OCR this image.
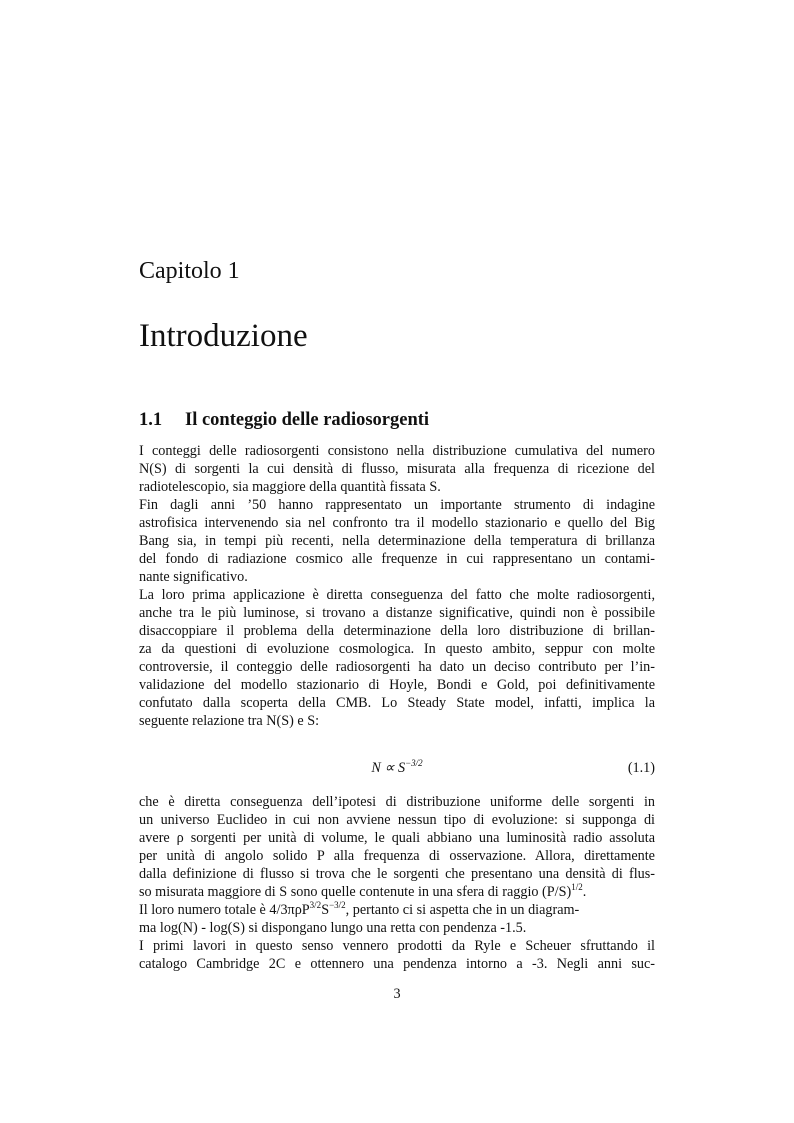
Capitolo 1
Introduzione
1.1 Il conteggio delle radiosorgenti
I conteggi delle radiosorgenti consistono nella distribuzione cumulativa del numero
N(S) di sorgenti la cui densità di flusso, misurata alla frequenza di ricezione del
radiotelescopio, sia maggiore della quantità fissata S.
Fin dagli anni ’50 hanno rappresentato un importante strumento di indagine
astrofisica intervenendo sia nel confronto tra il modello stazionario e quello del Big
Bang sia, in tempi più recenti, nella determinazione della temperatura di brillanza
del fondo di radiazione cosmico alle frequenze in cui rappresentano un contami-
nante significativo.
La loro prima applicazione è diretta conseguenza del fatto che molte radiosorgenti,
anche tra le più luminose, si trovano a distanze significative, quindi non è possibile
disaccoppiare il problema della determinazione della loro distribuzione di brillan-
za da questioni di evoluzione cosmologica. In questo ambito, seppur con molte
controversie, il conteggio delle radiosorgenti ha dato un deciso contributo per l’in-
validazione del modello stazionario di Hoyle, Bondi e Gold, poi definitivamente
confutato dalla scoperta della CMB. Lo Steady State model, infatti, implica la
seguente relazione tra N(S) e S:
$N \propto S^{-3/2}$	(1.1)
che è diretta conseguenza dell’ipotesi di distribuzione uniforme delle sorgenti in
un universo Euclideo in cui non avviene nessun tipo di evoluzione: si supponga di
avere ρ sorgenti per unità di volume, le quali abbiano una luminosità radio assoluta
per unità di angolo solido P alla frequenza di osservazione. Allora, direttamente
dalla definizione di flusso si trova che le sorgenti che presentano una densità di flus-
so misurata maggiore di S sono quelle contenute in una sfera di raggio $(P/S)^{1/2}$.
Il loro numero totale è $4/3\pi\rho P^{3/2}S^{-3/2}$, pertanto ci si aspetta che in un diagram-
ma log(N) - log(S) si dispongano lungo una retta con pendenza -1.5.
I primi lavori in questo senso vennero prodotti da Ryle e Scheuer sfruttando il
catalogo Cambridge 2C e ottennero una pendenza intorno a -3. Negli anni suc-
3
